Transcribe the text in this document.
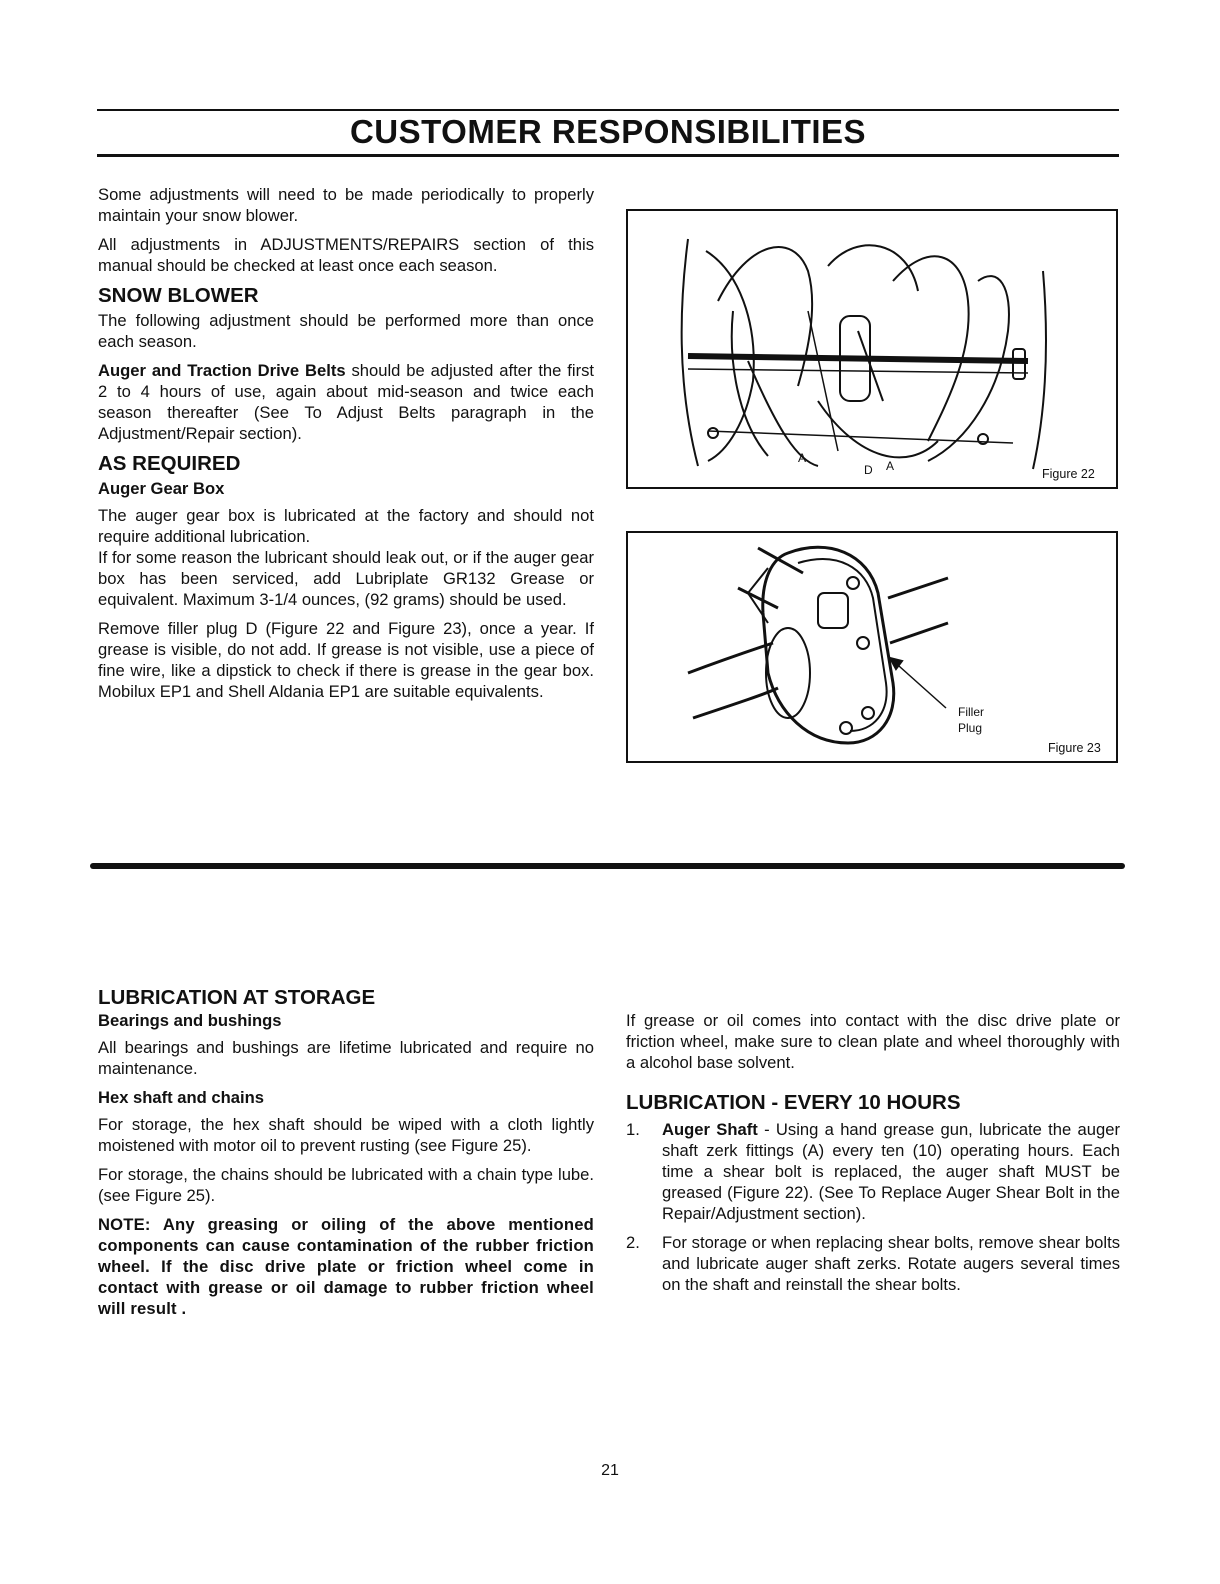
CUSTOMER RESPONSIBILITIES

Some adjustments will need to be made periodically to properly maintain your snow blower.

All adjustments in ADJUSTMENTS/REPAIRS section of this manual should be checked at least once each season.

SNOW BLOWER

The following adjustment should be performed more than once each season.

Auger and Traction Drive Belts should be adjusted after the first 2 to 4 hours of use, again about mid-season and twice each season thereafter (See To Adjust Belts paragraph in the Adjustment/Repair section).

AS REQUIRED
Auger Gear Box

The auger gear box is lubricated at the factory and should not require additional lubrication.

If for some reason the lubricant should leak out, or if the auger gear box has been serviced, add Lubriplate GR132 Grease or equivalent. Maximum 3-1/4 ounces, (92 grams) should be used.

Remove filler plug D (Figure 22 and Figure 23), once a year. If grease is visible, do not add. If grease is not visible, use a piece of fine wire, like a dipstick to check if there is grease in the gear box. Mobilux EP1 and Shell Aldania EP1 are suitable equivalents.

A
D A
Figure 22
Filler
Plug
Figure 23
LUBRICATION AT STORAGE
Bearings and bushings

All bearings and bushings are lifetime lubricated and require no maintenance.

Hex shaft and chains

For storage, the hex shaft should be wiped with a cloth lightly moistened with motor oil to prevent rusting (see Figure 25).

For storage, the chains should be lubricated with a chain type lube. (see Figure 25).

NOTE: Any greasing or oiling of the above mentioned components can cause contamination of the rubber friction wheel. If the disc drive plate or friction wheel come in contact with grease or oil damage to rubber friction wheel will result .

If grease or oil comes into contact with the disc drive plate or friction wheel, make sure to clean plate and wheel thoroughly with a alcohol base solvent.

LUBRICATION - EVERY 10 HOURS
1. Auger Shaft - Using a hand grease gun, lubricate the auger shaft zerk fittings (A) every ten (10) operating hours. Each time a shear bolt is replaced, the auger shaft MUST be greased (Figure 22). (See To Replace Auger Shear Bolt in the Repair/Adjustment section).
2. For storage or when replacing shear bolts, remove shear bolts and lubricate auger shaft zerks. Rotate augers several times on the shaft and reinstall the shear bolts.
21
